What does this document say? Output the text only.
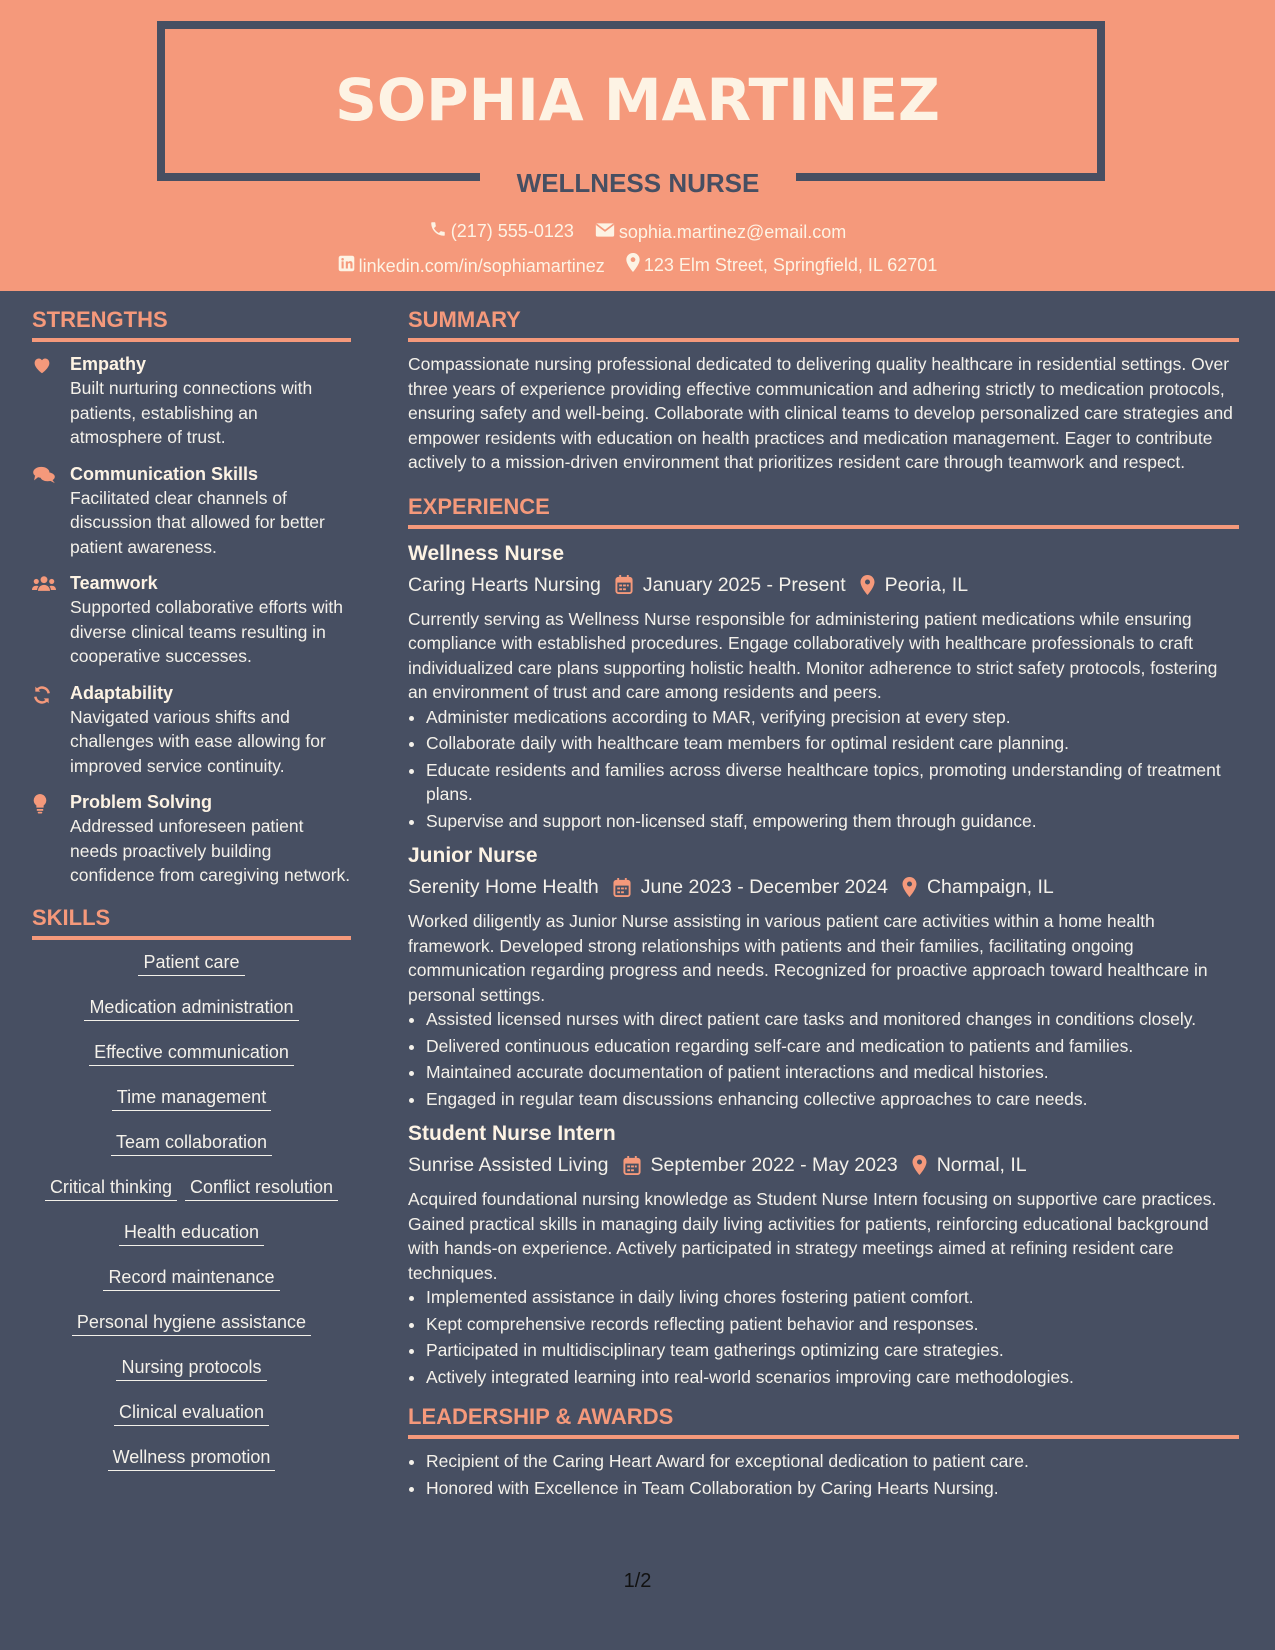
SOPHIA MARTINEZ
WELLNESS NURSE
(217) 555-0123
	sophia.martinez@email.com
linkedin.com/in/sophiamartinez
123 Elm Street, Springfield, IL 62701
STRENGTHS
Empathy
Built nurturing connections with patients, establishing an atmosphere of trust.
Communication Skills
Facilitated clear channels of discussion that allowed for better patient awareness.
Teamwork
Supported collaborative efforts with diverse clinical teams resulting in cooperative successes.
Adaptability
Navigated various shifts and challenges with ease allowing for improved service continuity.
Problem Solving
Addressed unforeseen patient needs proactively building confidence from caregiving network.
SKILLS
Patient care
Medication administration
Effective communication
Time management
Team collaboration
Critical thinking Conflict resolution
Health education
Record maintenance
Personal hygiene assistance
Nursing protocols
Clinical evaluation
Wellness promotion
SUMMARY
Compassionate nursing professional dedicated to delivering quality healthcare in residential settings. Over three years of experience providing effective communication and adhering strictly to medication protocols, ensuring safety and well-being. Collaborate with clinical teams to develop personalized care strategies and empower residents with education on health practices and medication management. Eager to contribute actively to a mission-driven environment that prioritizes resident care through teamwork and respect.
EXPERIENCE
Wellness Nurse
Caring Hearts Nursing January 2025 - Present Peoria, IL
Currently serving as Wellness Nurse responsible for administering patient medications while ensuring compliance with established procedures. Engage collaboratively with healthcare professionals to craft individualized care plans supporting holistic health. Monitor adherence to strict safety protocols, fostering an environment of trust and care among residents and peers.
• Administer medications according to MAR, verifying precision at every step.
• Collaborate daily with healthcare team members for optimal resident care planning.
• Educate residents and families across diverse healthcare topics, promoting understanding of treatment plans.
• Supervise and support non-licensed staff, empowering them through guidance.
Junior Nurse
Serenity Home Health June 2023 - December 2024 Champaign, IL
Worked diligently as Junior Nurse assisting in various patient care activities within a home health framework. Developed strong relationships with patients and their families, facilitating ongoing communication regarding progress and needs. Recognized for proactive approach toward healthcare in personal settings.
• Assisted licensed nurses with direct patient care tasks and monitored changes in conditions closely.
• Delivered continuous education regarding self-care and medication to patients and families.
• Maintained accurate documentation of patient interactions and medical histories.
• Engaged in regular team discussions enhancing collective approaches to care needs.
Student Nurse Intern
Sunrise Assisted Living September 2022 - May 2023 Normal, IL
Acquired foundational nursing knowledge as Student Nurse Intern focusing on supportive care practices. Gained practical skills in managing daily living activities for patients, reinforcing educational background with hands-on experience. Actively participated in strategy meetings aimed at refining resident care techniques.
• Implemented assistance in daily living chores fostering patient comfort.
• Kept comprehensive records reflecting patient behavior and responses.
• Participated in multidisciplinary team gatherings optimizing care strategies.
• Actively integrated learning into real-world scenarios improving care methodologies.
LEADERSHIP & AWARDS
• Recipient of the Caring Heart Award for exceptional dedication to patient care.
• Honored with Excellence in Team Collaboration by Caring Hearts Nursing.
1/2
